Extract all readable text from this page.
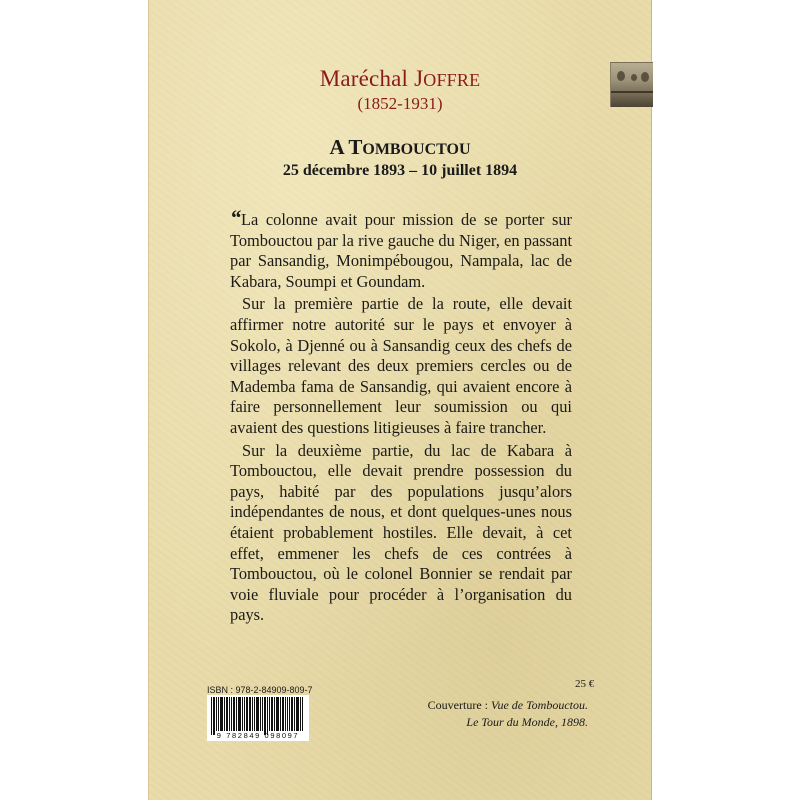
Maréchal JOFFRE
(1852-1931)
A TOMBOUCTOU
25 décembre 1893 – 10 juillet 1894

“ La colonne avait pour mission de se porter sur Tombouctou par la rive gauche du Niger, en passant par Sansandig, Monimpébougou, Nampala, lac de Kabara, Soumpi et Goundam.

Sur la première partie de la route, elle devait affirmer notre autorité sur le pays et envoyer à Sokolo, à Djenné ou à Sansandig ceux des chefs de villages relevant des deux premiers cercles ou de Mademba fama de Sansandig, qui avaient encore à faire personnellement leur soumission ou qui avaient des questions litigieuses à faire trancher.

Sur la deuxième partie, du lac de Kabara à Tombouctou, elle devait prendre possession du pays, habité par des populations jusqu’alors indépendantes de nous, et dont quelques-unes nous étaient probablement hostiles. Elle devait, à cet effet, emmener les chefs de ces contrées à Tombouctou, où le colonel Bonnier se rendait par voie fluviale pour procéder à l’organisation du pays.

25 €
Couverture : Vue de Tombouctou.
Le Tour du Monde, 1898.
ISBN : 978-2-84909-809-7
9 782849 098097
